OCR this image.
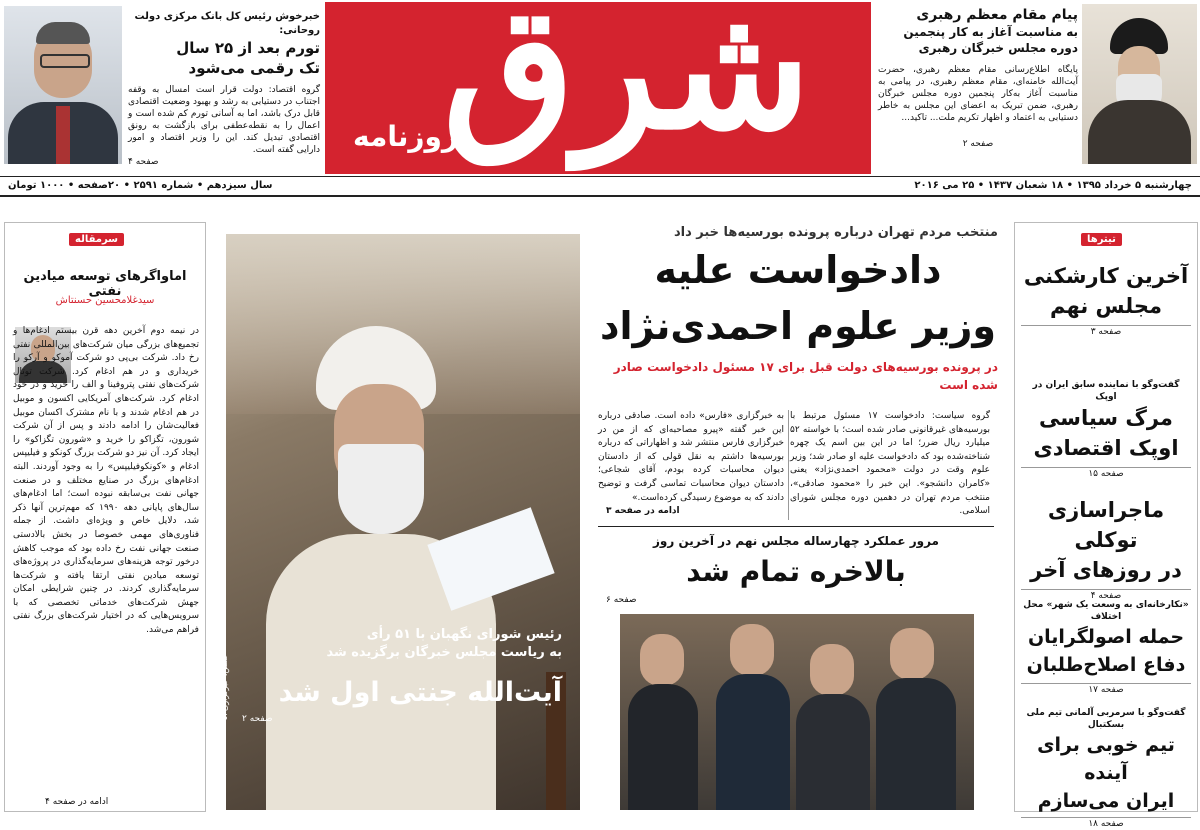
پیام مقام معظم رهبری
به مناسبت آغاز به کار پنجمین
دوره مجلس خبرگان رهبری
پایگاه اطلاع‌رسانی مقام معظم رهبری، حضرت آیت‌الله خامنه‌ای، مقام معظم رهبری، در پیامی به مناسبت آغاز به‌کار پنجمین دوره مجلس خبرگان رهبری، ضمن تبریک به اعضای این مجلس به خاطر دستیابی به اعتماد و اظهار تکریم ملت... تاکید...
صفحه ۲
شرق
روزنامه
خبرخوش رئیس کل بانک مرکزی دولت روحانی:
تورم بعد از ۲۵ سال
تک رقمی می‌شود
گروه اقتصاد: دولت قرار است امسال به وقفه اجتناب در دستیابی به رشد و بهبود وضعیت اقتصادی قابل درک باشد، اما به آسانی تورم کم شده است و اعمال را به نقطه‌عطفی برای بازگشت به رونق اقتصادی تبدیل کند. این را وزیر اقتصاد و امور دارایی گفته است.
صفحه ۴
چهارشنبه ۵ خرداد ۱۳۹۵ • ۱۸ شعبان ۱۴۳۷ • ۲۵ می ۲۰۱۶
سال سیزدهم • شماره ۲۵۹۱ • ۲۰صفحه • ۱۰۰۰ تومان
سرمقاله
اماواگرهای توسعه میادین نفتی
سیدغلامحسین حسنتاش
در نیمه دوم آخرین دهه قرن بیستم ادغام‌ها و تجمیع‌های بزرگی میان شرکت‌های بین‌المللی نفتی رخ داد. شرکت بی‌پی دو شرکت آموکو و آرکو را خریداری و در هم ادغام کرد. شرکت توتال شرکت‌های نفتی پتروفینا و الف را خرید و در خود ادغام کرد. شرکت‌های آمریکایی اکسون و موبیل در هم ادغام شدند و با نام مشترک اکسان موبیل فعالیت‌شان را ادامه دادند و پس از آن شرکت شورون، تگزاکو را خرید و «شورون تگزاکو» را ایجاد کرد. آن نیز دو شرکت بزرگ کونکو و فیلیپس ادغام و «کونکوفیلیپس» را به وجود آوردند. البته ادغام‌های بزرگ در صنایع مختلف و در صنعت جهانی نفت بی‌سابقه نبوده است؛ اما ادغام‌های سال‌های پایانی دهه ۱۹۹۰ که مهم‌ترین آنها ذکر شد، دلایل خاص و ویژه‌ای داشت. از جمله فناوری‌های مهمی خصوصا در بخش بالادستی صنعت جهانی نفت رخ داده بود که موجب کاهش درخور توجه هزینه‌های سرمایه‌گذاری در پروژه‌های توسعه میادین نفتی ارتقا یافته و شرکت‌ها سرمایه‌گذاری کردند. در چنین شرایطی امکان جهش شرکت‌های خدماتی تخصصی که با سرویس‌هایی که در اختیار شرکت‌های بزرگ نفتی فراهم می‌شد.
ادامه در صفحه ۴
عکس: خبرگزاری آنا
رئیس شورای نگهبان با ۵۱ رأی
به ریاست مجلس خبرگان برگزیده شد
آیت‌الله جنتی اول شد
صفحه ۲
منتخب مردم تهران درباره پرونده بورسیه‌ها خبر داد
دادخواست علیه
وزیر علوم احمدی‌نژاد
در پرونده بورسیه‌های دولت قبل برای ۱۷ مسئول دادخواست صادر شده است
گروه سیاست: دادخواست ۱۷ مسئول مرتبط با بورسیه‌های غیرقانونی صادر شده است؛ با خواسته ۵۲ میلیارد ریال ضرر؛ اما در این بین اسم یک چهره شناخته‌شده بود که دادخواست علیه او صادر شد؛ وزیر علوم وقت در دولت «محمود احمدی‌نژاد» یعنی «کامران دانشجو». این خبر را «محمود صادقی»، منتخب مردم تهران در دهمین دوره مجلس شورای اسلامی.
به خبرگزاری «فارس» داده است. صادقی درباره این خبر گفته «پیرو مصاحبه‌ای که از من در خبرگزاری فارس منتشر شد و اظهاراتی که درباره بورسیه‌ها داشتم به نقل قولی که از دادستان دیوان محاسبات کرده بودم، آقای شجاعی؛ دادستان دیوان محاسبات تماسی گرفت و توضیح دادند که به موضوع رسیدگی کرده‌است.»
ادامه در صفحه ۳
مرور عملکرد چهارساله مجلس نهم در آخرین روز
بالاخره تمام شد
صفحه ۶
تیترها
آخرین کارشکنی
مجلس نهم
صفحه ۳
گفت‌وگو با نماینده سابق ایران در اوپک
مرگ سیاسی
اوپک اقتصادی
صفحه ۱۵
ماجراسازی توکلی
در روزهای آخر
صفحه ۴
«نکارخانه‌ای به وسعت یک شهر» محل اختلاف
حمله اصولگرایان
دفاع اصلاح‌طلبان
صفحه ۱۷
گفت‌وگو با سرمربی آلمانی تیم ملی بسکتبال
تیم خوبی برای آینده
ایران می‌سازم
صفحه ۱۸
